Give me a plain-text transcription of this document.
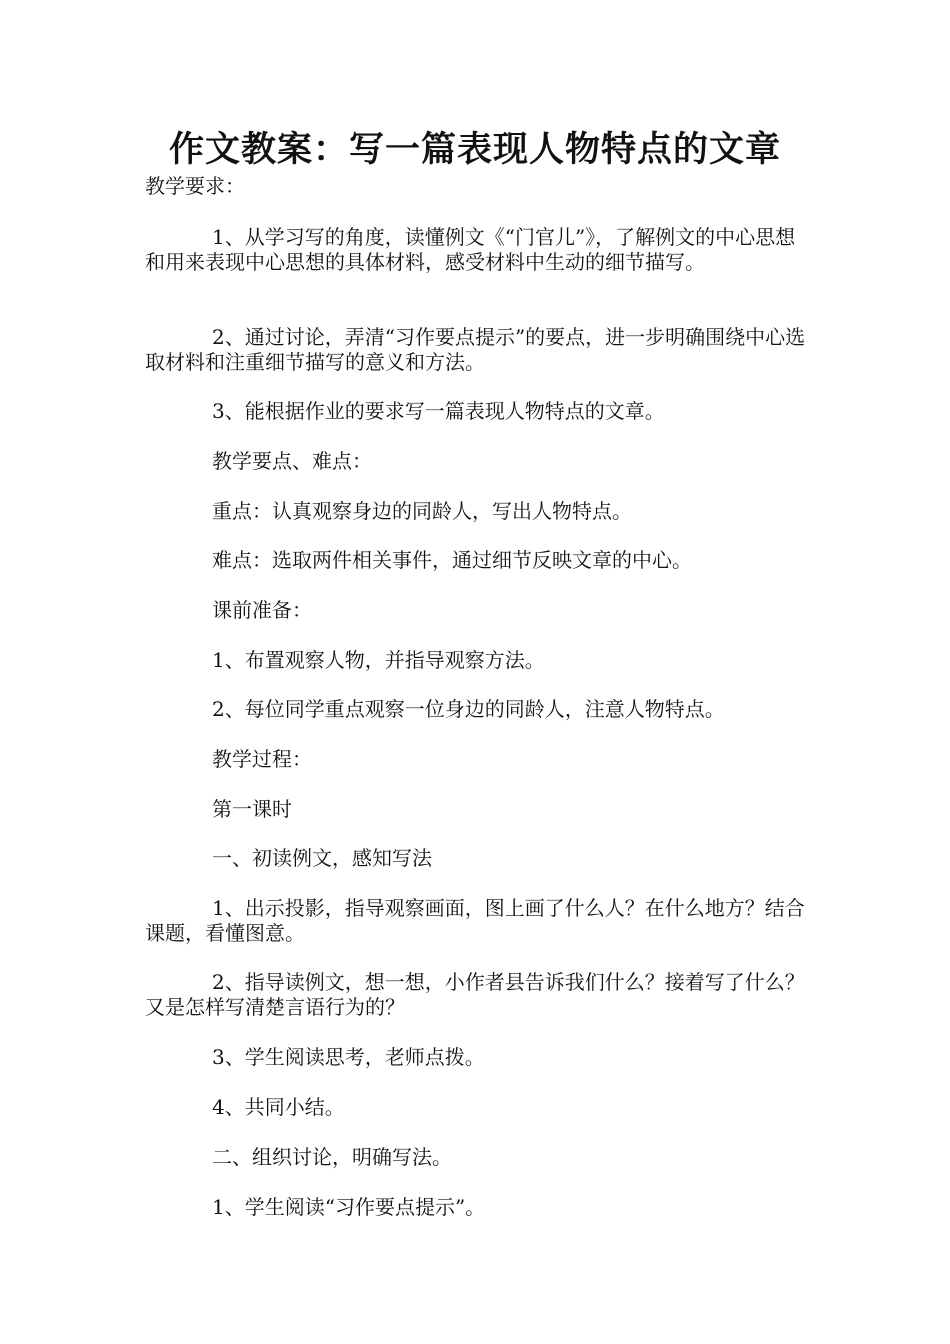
作文教案：写一篇表现人物特点的文章

教学要求：

1、从学习写的角度，读懂例文《“门官儿”》，了解例文的中心思想和用来表现中心思想的具体材料，感受材料中生动的细节描写。

2、通过讨论，弄清“习作要点提示”的要点，进一步明确围绕中心选取材料和注重细节描写的意义和方法。

3、能根据作业的要求写一篇表现人物特点的文章。

教学要点、难点：

重点：认真观察身边的同龄人，写出人物特点。

难点：选取两件相关事件，通过细节反映文章的中心。

课前准备：

1、布置观察人物，并指导观察方法。

2、每位同学重点观察一位身边的同龄人，注意人物特点。

教学过程：

第一课时

一、初读例文，感知写法

1、出示投影，指导观察画面，图上画了什么人？在什么地方？结合课题，看懂图意。

2、指导读例文，想一想，小作者县告诉我们什么？接着写了什么？又是怎样写清楚言语行为的？

3、学生阅读思考，老师点拨。

4、共同小结。

二、组织讨论，明确写法。

1、学生阅读“习作要点提示”。
